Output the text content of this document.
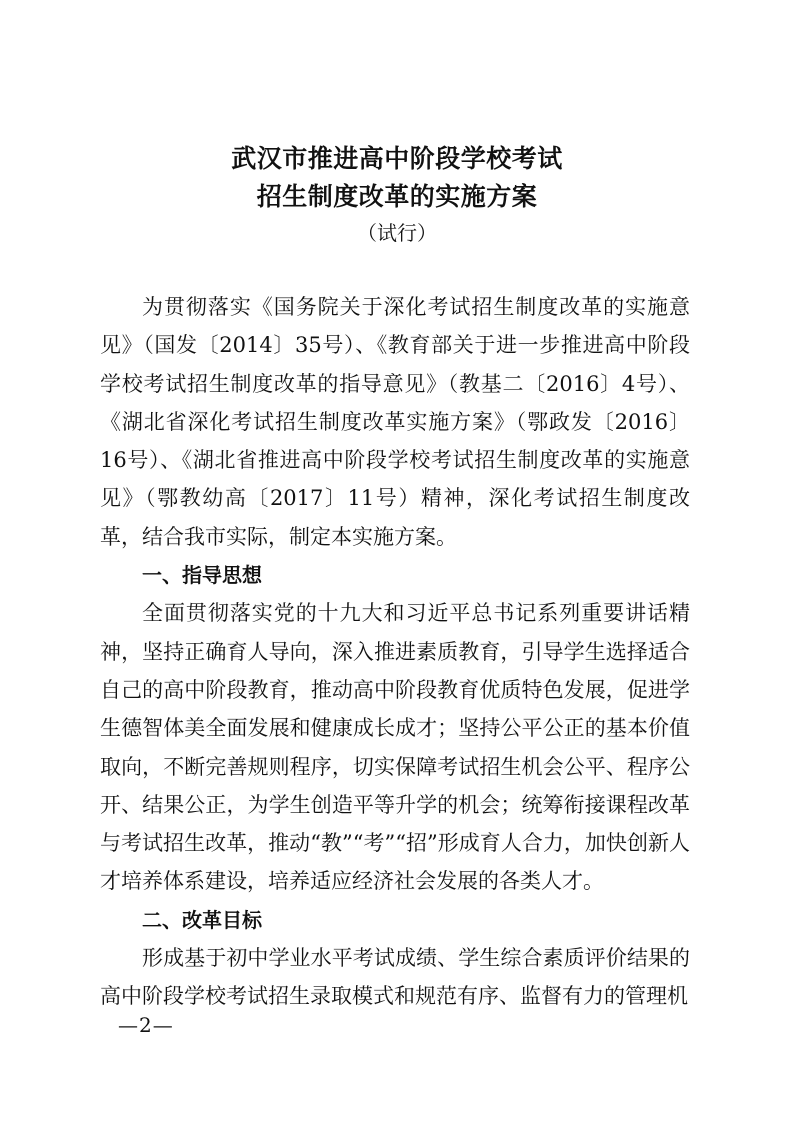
武汉市推进高中阶段学校考试
招生制度改革的实施方案
（试行）

为贯彻落实《国务院关于深化考试招生制度改革的实施意见》（国发〔2014〕35号）、《教育部关于进一步推进高中阶段学校考试招生制度改革的指导意见》（教基二〔2016〕4号）、《湖北省深化考试招生制度改革实施方案》（鄂政发〔2016〕16号）、《湖北省推进高中阶段学校考试招生制度改革的实施意见》（鄂教幼高〔2017〕11号）精神，深化考试招生制度改革，结合我市实际，制定本实施方案。

一、指导思想

全面贯彻落实党的十九大和习近平总书记系列重要讲话精神，坚持正确育人导向，深入推进素质教育，引导学生选择适合自己的高中阶段教育，推动高中阶段教育优质特色发展，促进学生德智体美全面发展和健康成长成才；坚持公平公正的基本价值取向，不断完善规则程序，切实保障考试招生机会公平、程序公开、结果公正，为学生创造平等升学的机会；统筹衔接课程改革与考试招生改革，推动“教”“考”“招”形成育人合力，加快创新人才培养体系建设，培养适应经济社会发展的各类人才。

二、改革目标

形成基于初中学业水平考试成绩、学生综合素质评价结果的高中阶段学校考试招生录取模式和规范有序、监督有力的管理机

—2—
